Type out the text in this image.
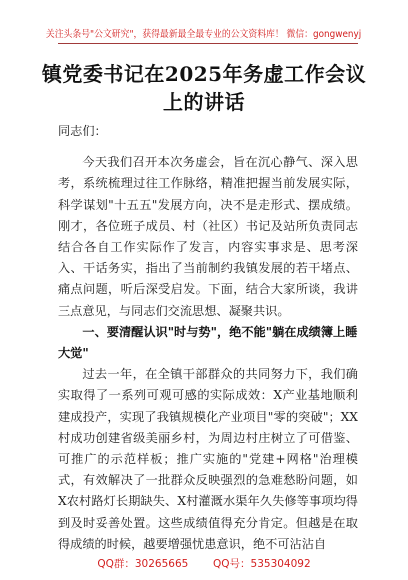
关注头条号"公文研究"，获得最新最全最专业的公文资料库！ 微信：gongwenyj
镇党委书记在2025年务虚工作会议上的讲话

同志们：

今天我们召开本次务虚会，旨在沉心静气、深入思考，系统梳理过往工作脉络，精准把握当前发展实际，科学谋划"十五五"发展方向，决不是走形式、摆成绩。刚才，各位班子成员、村（社区）书记及站所负责同志结合各自工作实际作了发言，内容实事求是、思考深入、干话务实，指出了当前制约我镇发展的若干堵点、痛点问题，听后深受启发。下面，结合大家所谈，我讲三点意见，与同志们交流思想、凝聚共识。

一、要清醒认识"时与势"，绝不能"躺在成绩簿上睡大觉"

过去一年，在全镇干部群众的共同努力下，我们确实取得了一系列可观可感的实际成效：X产业基地顺利建成投产，实现了我镇规模化产业项目"零的突破"；XX村成功创建省级美丽乡村，为周边村庄树立了可借鉴、可推广的示范样板；推广实施的"党建+网格"治理模式，有效解决了一批群众反映强烈的急难愁盼问题，如X农村路灯长期缺失、X村灌溉水渠年久失修等事项均得到及时妥善处置。这些成绩值得充分肯定。但越是在取得成绩的时候，越要增强忧患意识，绝不可沾沾自

QQ群：30265665 QQ号：535304092
